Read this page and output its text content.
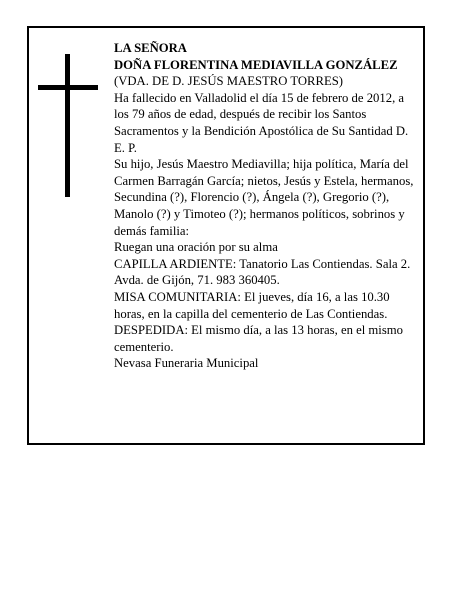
LA SEÑORA

DOÑA FLORENTINA MEDIAVILLA GONZÁLEZ

(VDA. DE D. JESÚS MAESTRO TORRES)

Ha fallecido en Valladolid el día 15 de febrero de 2012, a los 79 años de edad, después de recibir los Santos Sacramentos y la Bendición Apostólica de Su Santidad D. E. P.

Su hijo, Jesús Maestro Mediavilla; hija política, María del Carmen Barragán García; nietos, Jesús y Estela, hermanos, Secundina (?), Florencio (?), Ángela (?), Gregorio (?), Manolo (?) y Timoteo (?); hermanos políticos, sobrinos y demás familia:

Ruegan una oración por su alma

CAPILLA ARDIENTE: Tanatorio Las Contiendas. Sala 2. Avda. de Gijón, 71. 983 360405.

MISA COMUNITARIA: El jueves, día 16, a las 10.30 horas, en la capilla del cementerio de Las Contiendas.

DESPEDIDA: El mismo día, a las 13 horas, en el mismo cementerio.

Nevasa Funeraria Municipal
